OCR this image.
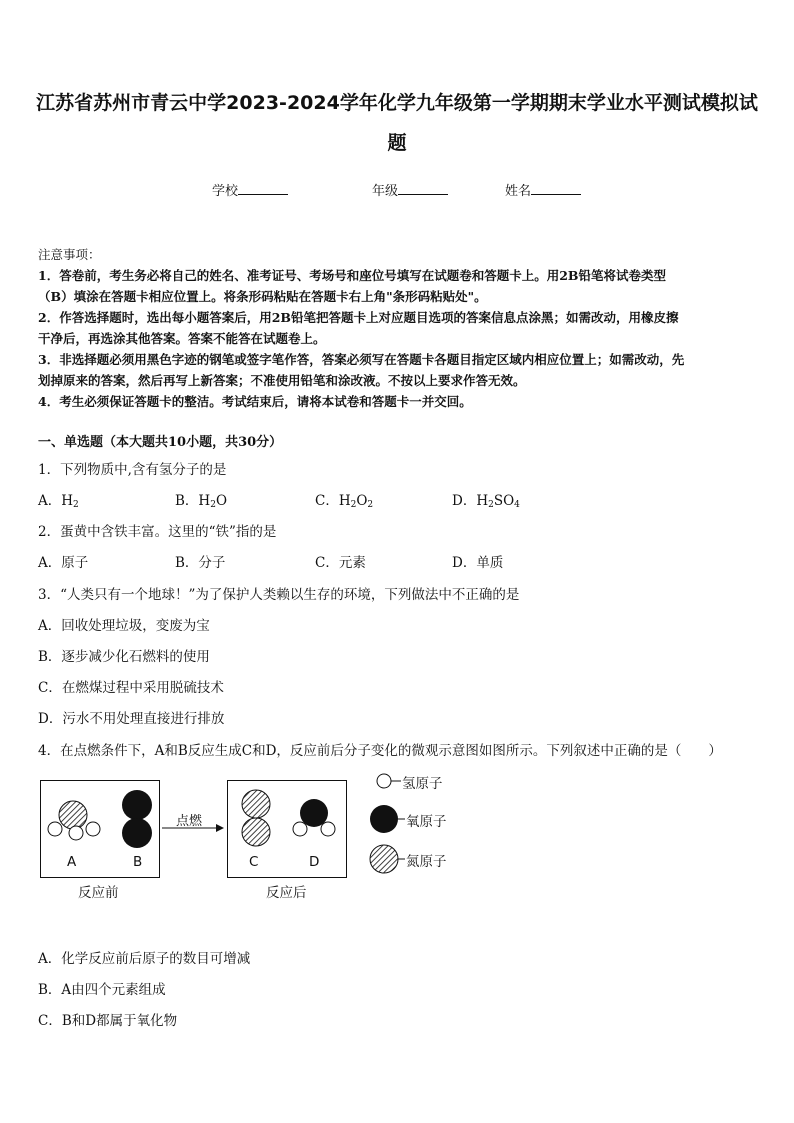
江苏省苏州市青云中学2023-2024学年化学九年级第一学期期末学业水平测试模拟试
题
学校	年级	姓名
注意事项：
1．答卷前，考生务必将自己的姓名、准考证号、考场号和座位号填写在试题卷和答题卡上。用2B铅笔将试卷类型
（B）填涂在答题卡相应位置上。将条形码粘贴在答题卡右上角"条形码粘贴处"。
2．作答选择题时，选出每小题答案后，用2B铅笔把答题卡上对应题目选项的答案信息点涂黑；如需改动，用橡皮擦
干净后，再选涂其他答案。答案不能答在试题卷上。
3．非选择题必须用黑色字迹的钢笔或签字笔作答，答案必须写在答题卡各题目指定区域内相应位置上；如需改动，先
划掉原来的答案，然后再写上新答案；不准使用铅笔和涂改液。不按以上要求作答无效。
4．考生必须保证答题卡的整洁。考试结束后，请将本试卷和答题卡一并交回。
一、单选题（本大题共10小题，共30分）
1．下列物质中,含有氢分子的是
A．$H_2$	B．$H_2O$	C．$H_2O_2$	D．$H_2SO_4$
2．蛋黄中含铁丰富。这里的“铁”指的是
A．原子	B．分子	C．元素	D．单质
3．“人类只有一个地球！”为了保护人类赖以生存的环境，下列做法中不正确的是
A．回收处理垃圾，变废为宝
B．逐步减少化石燃料的使用
C．在燃煤过程中采用脱硫技术
D．污水不用处理直接进行排放
4．在点燃条件下，A和B反应生成C和D，反应前后分子变化的微观示意图如图所示。下列叙述中正确的是（　　）
A	B	C	D
点燃
反应前	反应后
氢原子
氧原子
氮原子
A．化学反应前后原子的数目可增减
B．A由四个元素组成
C．B和D都属于氧化物
